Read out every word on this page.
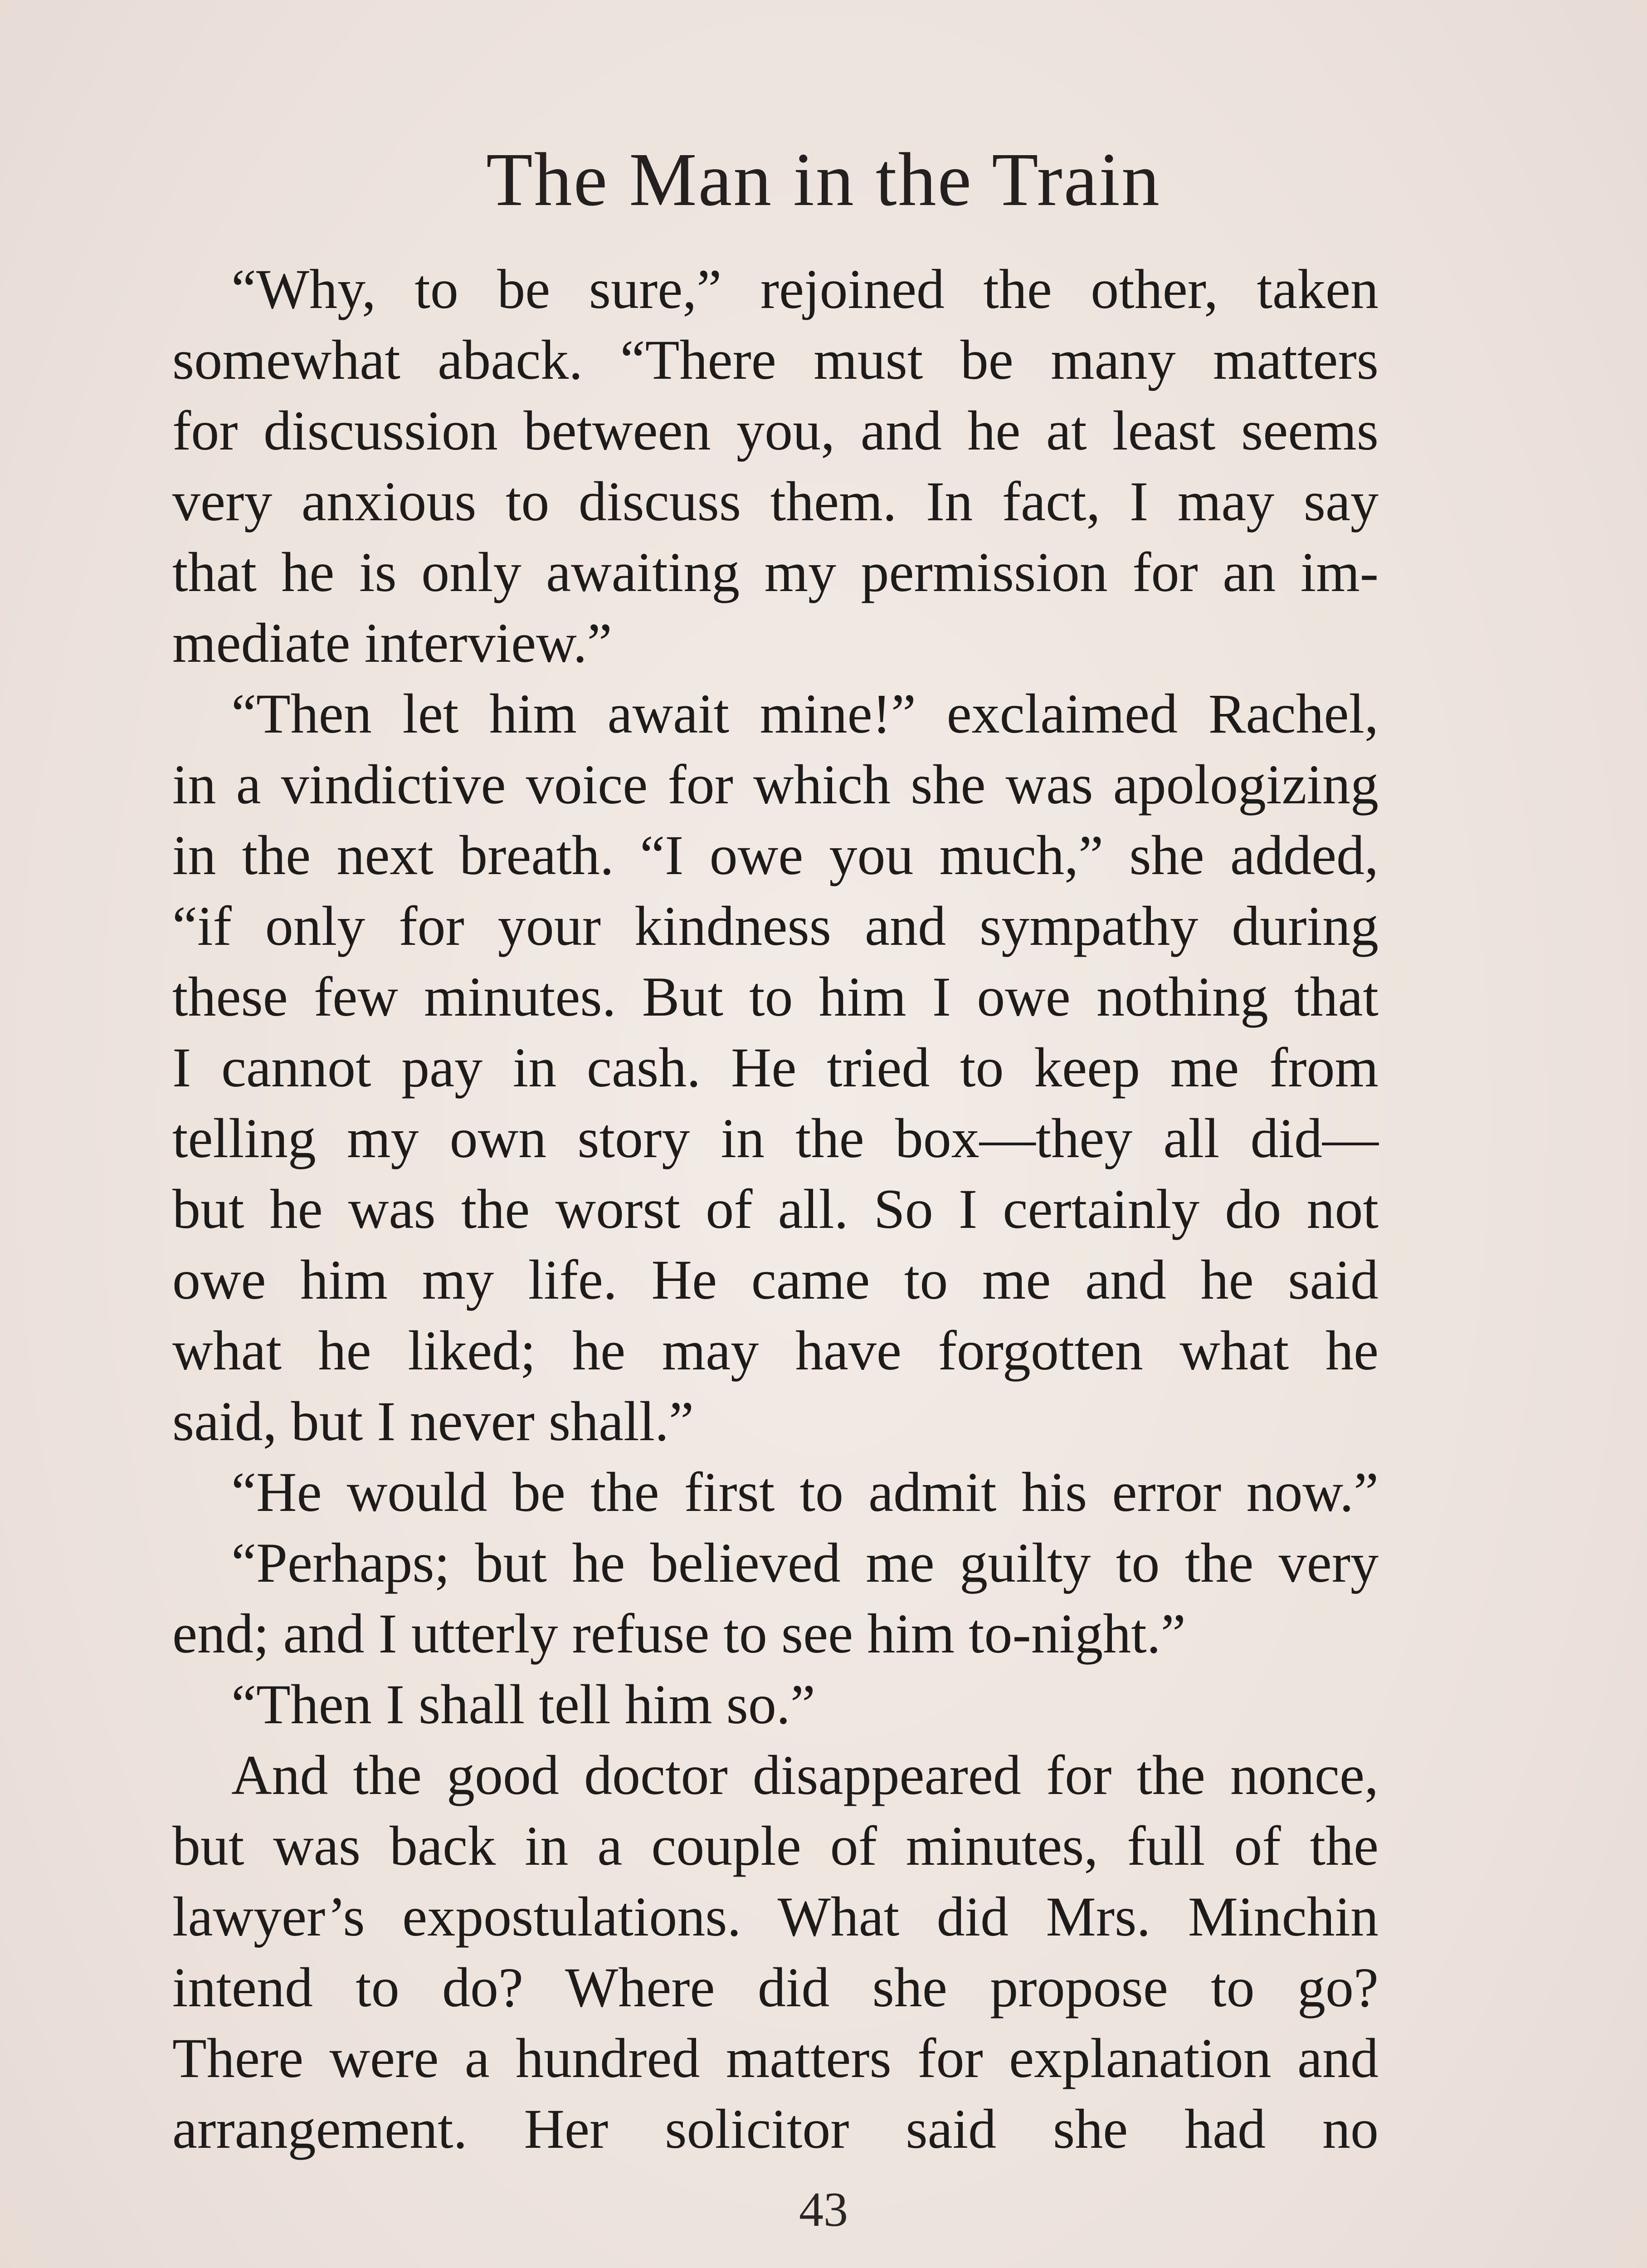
The Man in the Train
“Why, to be sure,” rejoined the other, taken
somewhat aback. “There must be many matters
for discussion between you, and he at least seems
very anxious to discuss them. In fact, I may say
that he is only awaiting my permission for an im-
mediate interview.”
“Then let him await mine!” exclaimed Rachel,
in a vindictive voice for which she was apologizing
in the next breath. “I owe you much,” she added,
“if only for your kindness and sympathy during
these few minutes. But to him I owe nothing that
I cannot pay in cash. He tried to keep me from
telling my own story in the box—they all did—
but he was the worst of all. So I certainly do not
owe him my life. He came to me and he said
what he liked; he may have forgotten what he
said, but I never shall.”
“He would be the first to admit his error now.”
“Perhaps; but he believed me guilty to the very
end; and I utterly refuse to see him to-night.”
“Then I shall tell him so.”
And the good doctor disappeared for the nonce,
but was back in a couple of minutes, full of the
lawyer’s expostulations. What did Mrs. Minchin
intend to do? Where did she propose to go?
There were a hundred matters for explanation and
arrangement. Her solicitor said she had no
43
